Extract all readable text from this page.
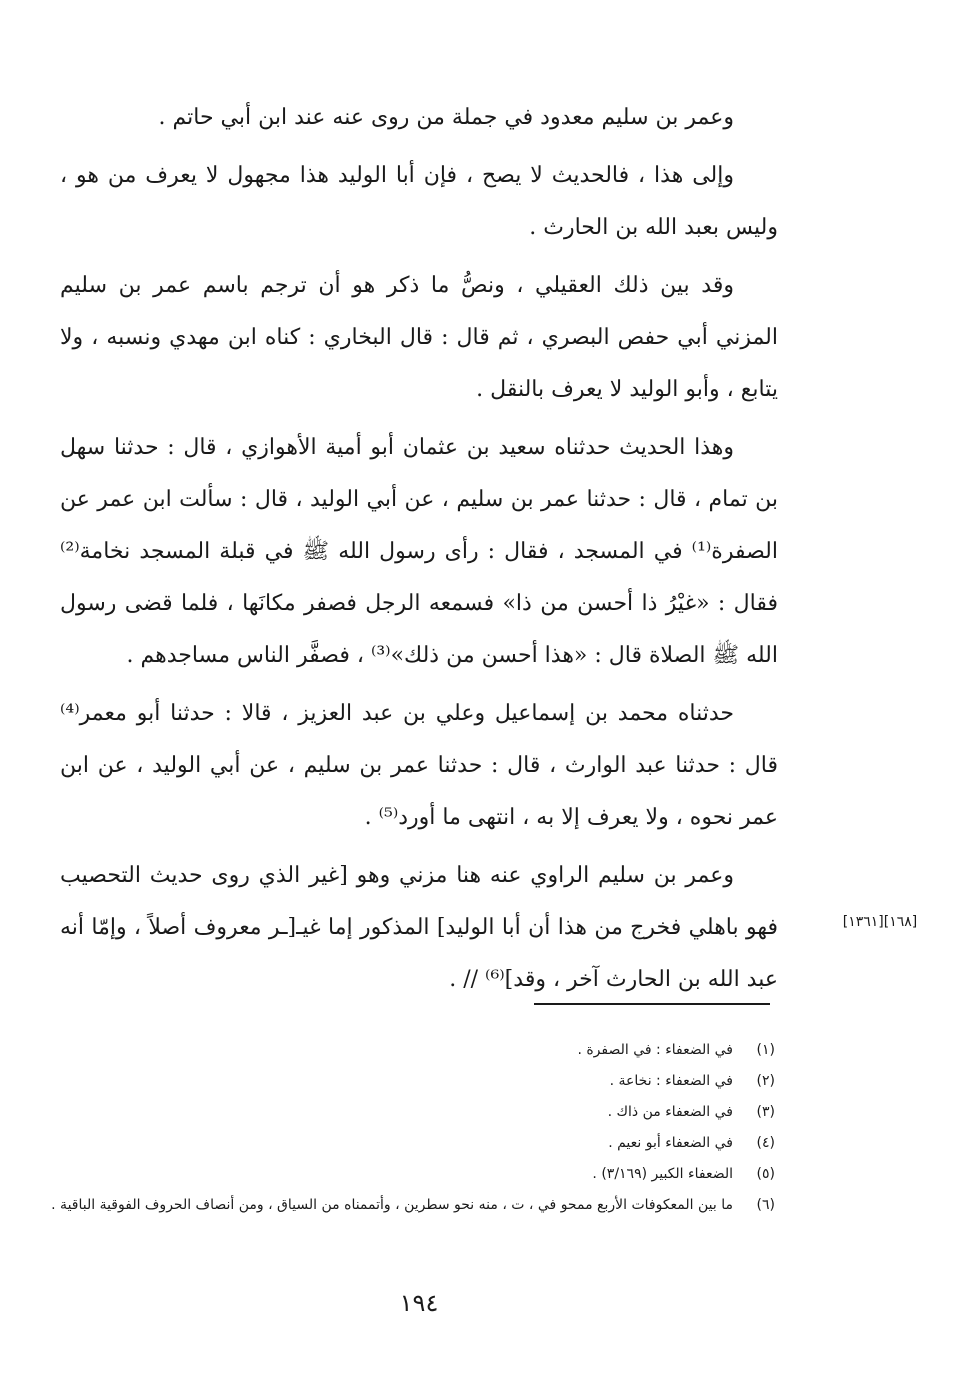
وعمر بن سليم معدود في جملة من روى عنه عند ابن أبي حاتم .

وإلى هذا ، فالحديث لا يصح ، فإن أبا الوليد هذا مجهول لا يعرف من هو ، وليس بعبد الله بن الحارث .

وقد بين ذلك العقيلي ، ونصُّ ما ذكر هو أن ترجم باسم عمر بن سليم المزني أبي حفص البصري ، ثم قال : قال البخاري : كناه ابن مهدي ونسبه ، ولا يتابع ، وأبو الوليد لا يعرف بالنقل .

وهذا الحديث حدثناه سعيد بن عثمان أبو أمية الأهوازي ، قال : حدثنا سهل بن تمام ، قال : حدثنا عمر بن سليم ، عن أبي الوليد ، قال : سألت ابن عمر عن الصفرة⁽¹⁾ في المسجد ، فقال : رأى رسول الله ﷺ في قبلة المسجد نخامة⁽²⁾ فقال : «غيْرُ ذا أحسن من ذا» فسمعه الرجل فصفر مكانَها ، فلما قضى رسول الله ﷺ الصلاة قال : «هذا أحسن من ذلك»⁽³⁾ ، فصفَّر الناس مساجدهم .

حدثناه محمد بن إسماعيل وعلي بن عبد العزيز ، قالا : حدثنا أبو معمر⁽⁴⁾ قال : حدثنا عبد الوارث ، قال : حدثنا عمر بن سليم ، عن أبي الوليد ، عن ابن عمر نحوه ، ولا يعرف إلا به ، انتهى ما أورد⁽⁵⁾ .

وعمر بن سليم الراوي عنه هنا مزني وهو [غير الذي روى حديث التحصيب فهو باهلي فخرج من هذا أن أبا الوليد] المذكور إما غيـ[ـر معروف أصلاً ، وإمّا أنه عبد الله بن الحارث آخر ، وقد]⁽⁶⁾ // .

[١٦٨][١٣٦١]
(١)
في الضعفاء : في الصفرة .
(٢)
في الضعفاء : نخاعة .
(٣)
في الضعفاء من ذاك .
(٤)
في الضعفاء أبو نعيم .
(٥)
الضعفاء الكبير (٣/١٦٩) .
(٦)
ما بين المعكوفات الأربع ممحو في ، ت ، منه نحو سطرين ، وأتممناه من السياق ، ومن أنصاف الحروف الفوقية الباقية .
١٩٤
